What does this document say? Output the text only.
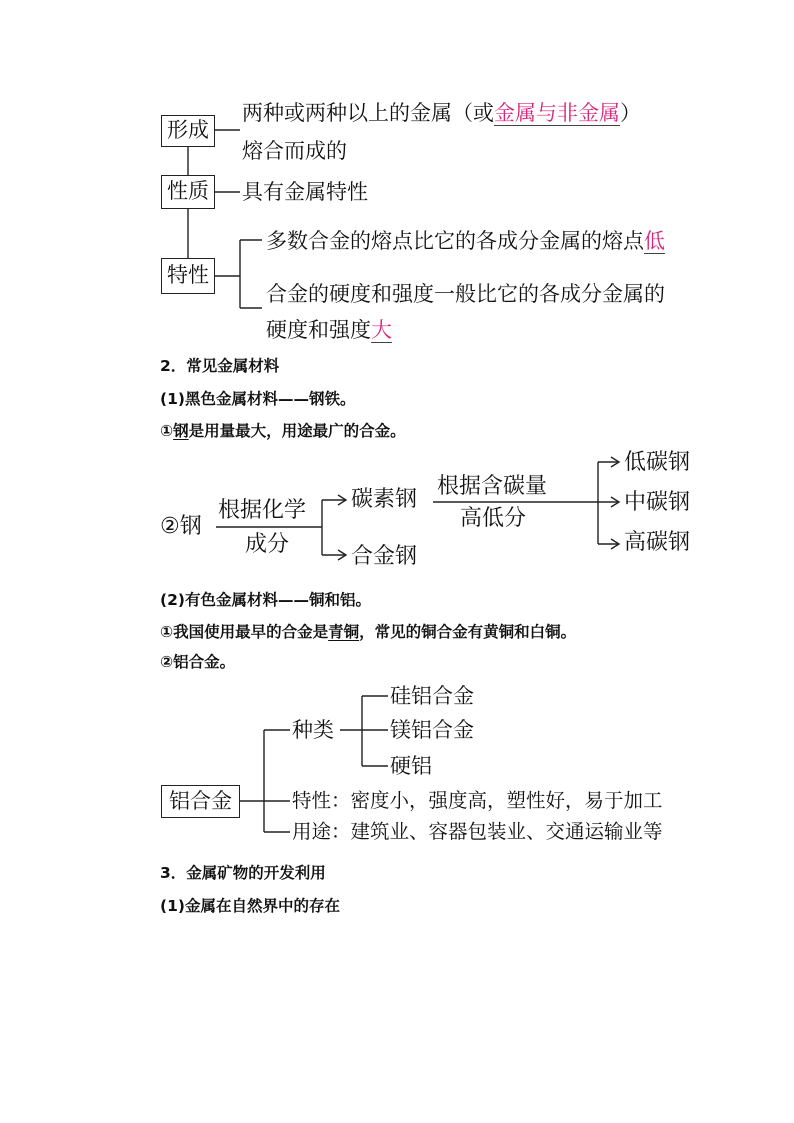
形成
两种或两种以上的金属（或金属与非金属）
熔合而成的
性质 具有金属特性
特性
多数合金的熔点比它的各成分金属的熔点低
合金的硬度和强度一般比它的各成分金属的
硬度和强度大
2．常见金属材料
(1)黑色金属材料——钢铁。
①钢是用量最大，用途最广的合金。
②钢
根据化学
成分
碳素钢
合金钢
根据含碳量
高低分
低碳钢
中碳钢
高碳钢
(2)有色金属材料——铜和铝。
①我国使用最早的合金是青铜，常见的铜合金有黄铜和白铜。
②铝合金。
铝合金
种类
硅铝合金
镁铝合金
硬铝
特性：密度小，强度高，塑性好，易于加工
用途：建筑业、容器包装业、交通运输业等
3．金属矿物的开发利用
(1)金属在自然界中的存在
